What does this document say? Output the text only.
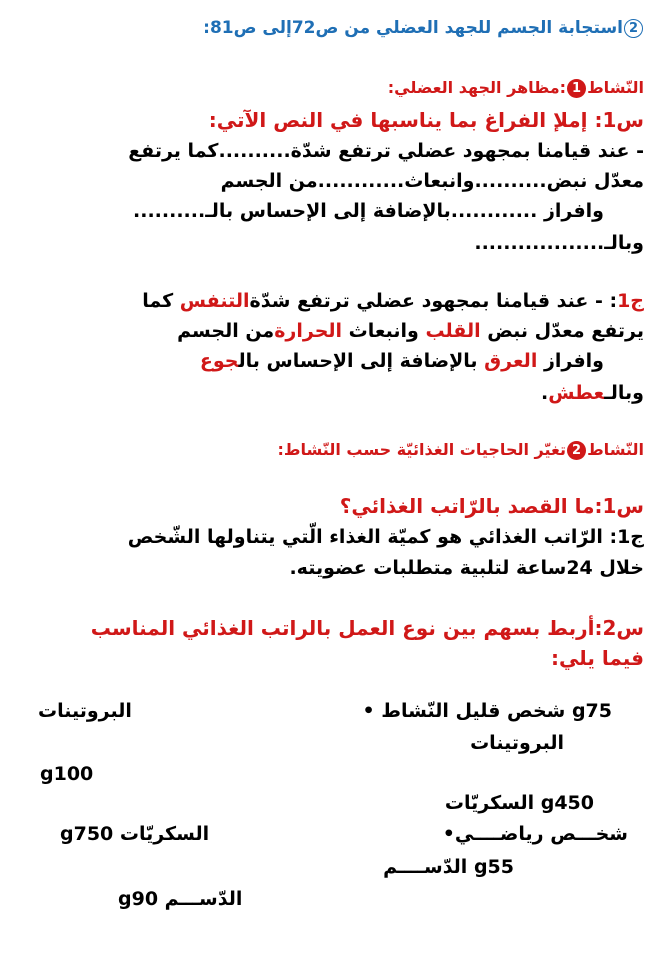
2استجابة الجسم للجهد العضلي من ص72إلى ص81:
النّشاط1:مظاهر الجهد العضلي:
س1: إملإ الفراغ بما يناسبها في النص الآتي:
- عند قيامنا بمجهود عضلي ترتفع شدّة..........كما يرتفع
معدّل نبض..........وانبعاث............من الجسم
وافراز ............بالإضافة إلى الإحساس بالـ..........
وبالـ..................
ج1: - عند قيامنا بمجهود عضلي ترتفع شدّةالتنفس كما
يرتفع معدّل نبض القلب وانبعاث الحرارةمن الجسم
وافراز العرق بالإضافة إلى الإحساس بالجوع
وبالـعطش.
النّشاط2تغيّر الحاجيات الغذائيّة حسب النّشاط:
س1:ما القصد بالرّاتب الغذائي؟
ج1: الرّاتب الغذائي هو كميّة الغذاء الّتي يتناولها الشّخص
خلال 24ساعة لتلبية متطلبات عضويته.
س2:أربط بسهم بين نوع العمل بالراتب الغذائي المناسب
فيما يلي:
g75 شخص قليل النّشاط •
البروتينات
g450 السكريّات
شخـــص رياضــــي•
g55 الدّســــم
البروتينات
g100
السكريّات g750
الدّســـم g90
